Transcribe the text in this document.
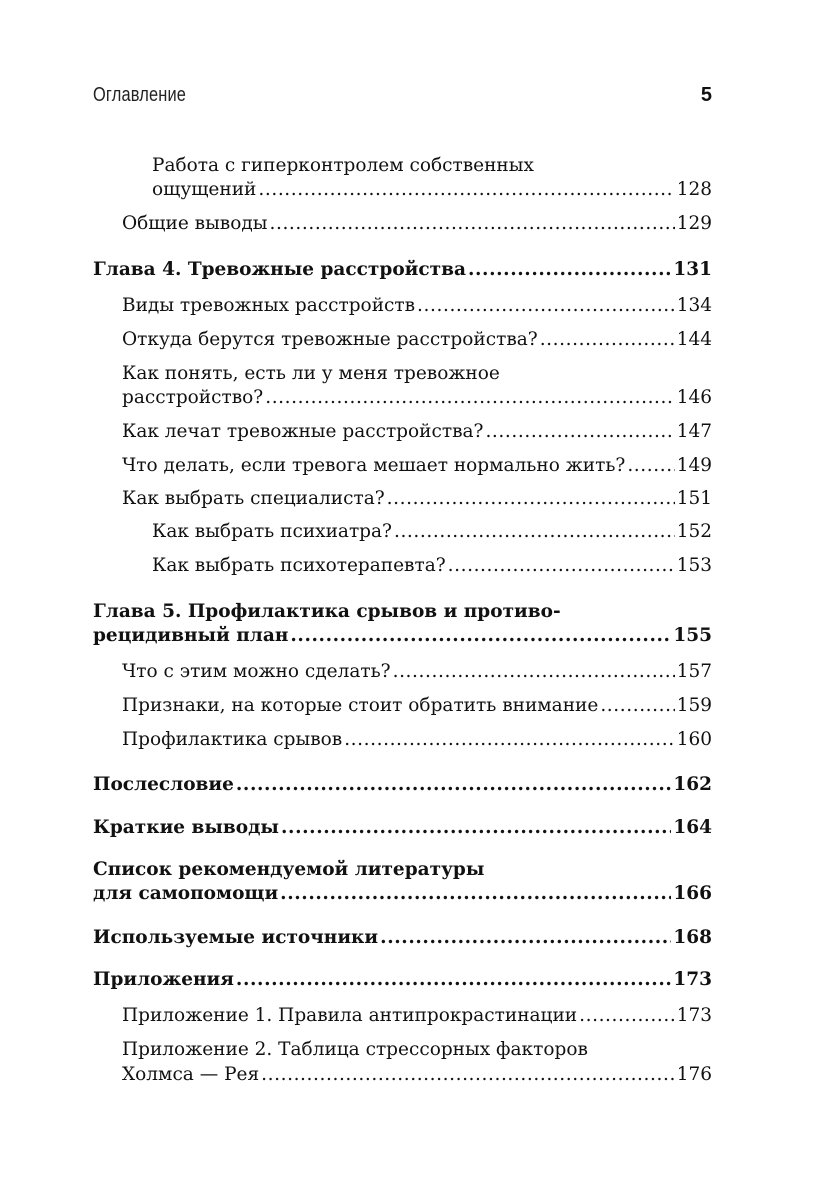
Оглавление	5
Работа с гиперконтролем собственных
ощущений .....	128
Общие выводы .....	129
Глава 4. Тревожные расстройства .....	131
Виды тревожных расстройств .....	134
Откуда берутся тревожные расстройства? .....	144
Как понять, есть ли у меня тревожное
расстройство? .....	146
Как лечат тревожные расстройства? .....	147
Что делать, если тревога мешает нормально жить? .....	149
Как выбрать специалиста? .....	151
Как выбрать психиатра? .....	152
Как выбрать психотерапевта? .....	153
Глава 5. Профилактика срывов и противо-
рецидивный план .....	155
Что с этим можно сделать? .....	157
Признаки, на которые стоит обратить внимание .....	159
Профилактика срывов .....	160
Послесловие .....	162
Краткие выводы .....	164
Список рекомендуемой литературы
для самопомощи .....	166
Используемые источники .....	168
Приложения .....	173
Приложение 1. Правила антипрокрастинации .....	173
Приложение 2. Таблица стрессорных факторов
Холмса — Рея .....	176
